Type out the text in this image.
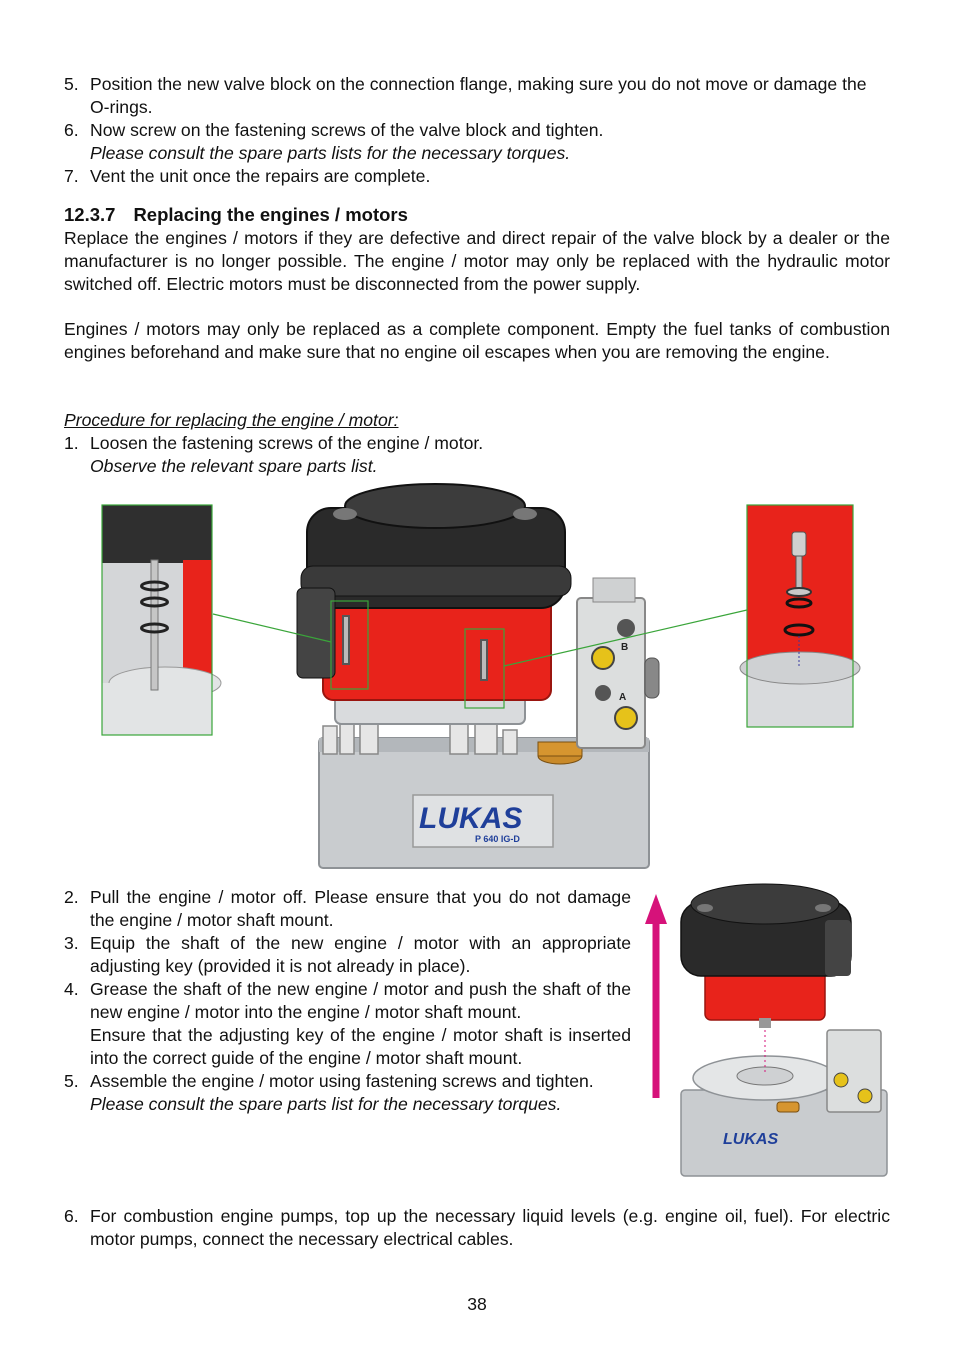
5. Position the new valve block on the connection flange, making sure you do not move or damage the O-rings.
6. Now screw on the fastening screws of the valve block and tighten.
Please consult the spare parts lists for the necessary torques.
7. Vent the unit once the repairs are complete.
12.3.7 Replacing the engines / motors
Replace the engines / motors if they are defective and direct repair of the valve block by a dealer or the manufacturer is no longer possible. The engine / motor may only be replaced with the hydraulic motor switched off. Electric motors must be disconnected from the power supply.
Engines / motors may only be replaced as a complete component. Empty the fuel tanks of combustion engines beforehand and make sure that no engine oil escapes when you are removing the engine.
Procedure for replacing the engine / motor:
1. Loosen the fastening screws of the engine / motor.
Observe the relevant spare parts list.
B
A
LUKAS
P 640 IG-D
2. Pull the engine / motor off. Please ensure that you do not damage the engine / motor shaft mount.
3. Equip the shaft of the new engine / motor with an appropriate adjusting key (provided it is not already in place).
4. Grease the shaft of the new engine / motor and push the shaft of the new engine / motor into the engine / motor shaft mount.
Ensure that the adjusting key of the engine / motor shaft is inserted into the correct guide of the engine / motor shaft mount.
5. Assemble the engine / motor using fastening screws and tighten.
Please consult the spare parts list for the necessary torques.
LUKAS
6. For combustion engine pumps, top up the necessary liquid levels (e.g. engine oil, fuel). For electric motor pumps, connect the necessary electrical cables.
38
